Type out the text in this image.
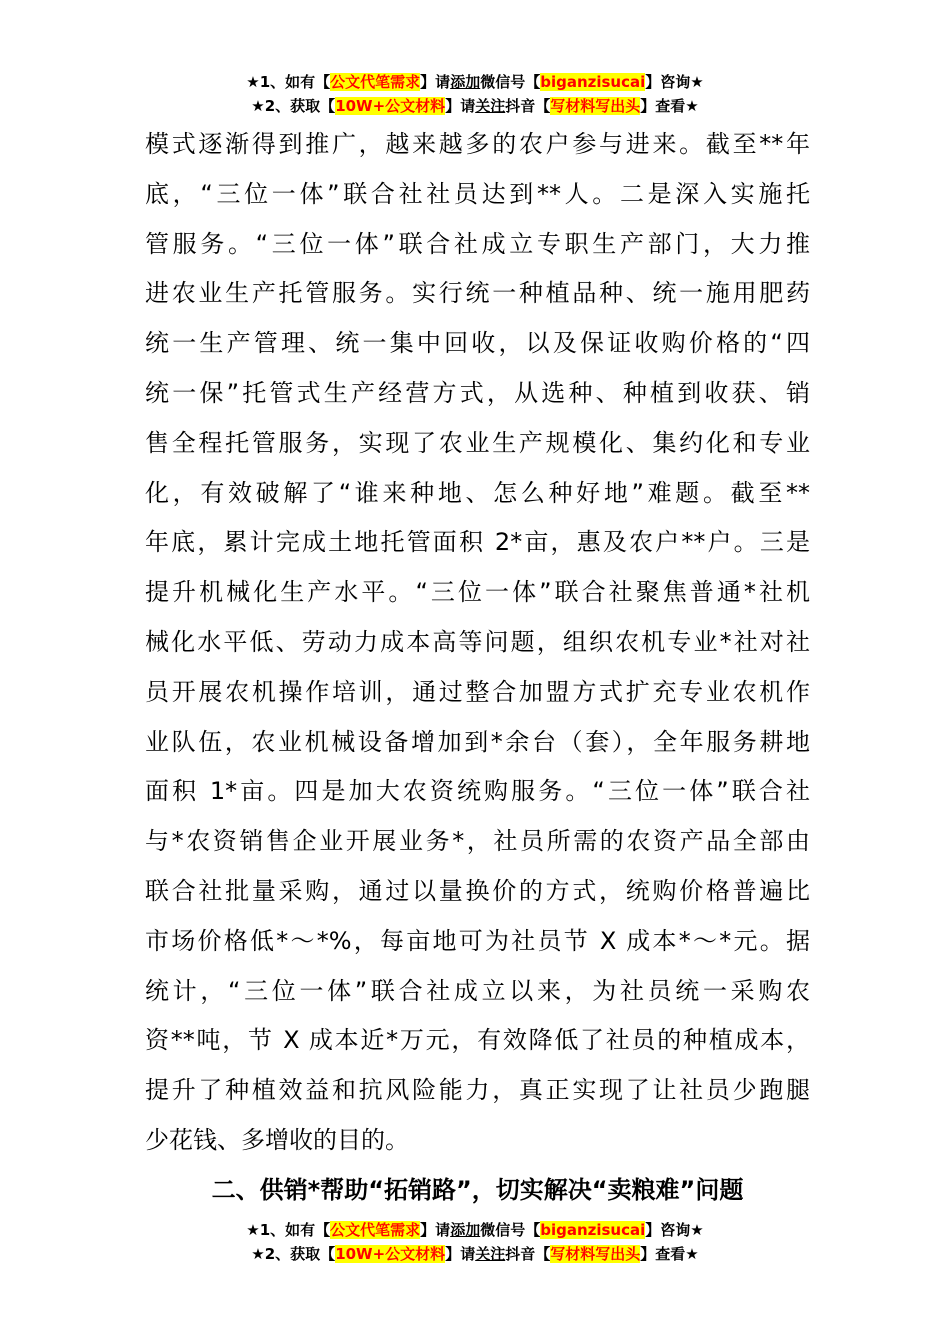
★1、如有【公文代笔需求】请添加微信号【biganzisucai】咨询★
★2、获取【10W+公文材料】请关注抖音【写材料写出头】查看★
模式逐渐得到推广，越来越多的农户参与进来。截至**年
底，“三位一体”联合社社员达到**人。二是深入实施托
管服务。“三位一体”联合社成立专职生产部门，大力推
进农业生产托管服务。实行统一种植品种、统一施用肥药
统一生产管理、统一集中回收，以及保证收购价格的“四
统一保”托管式生产经营方式，从选种、种植到收获、销
售全程托管服务，实现了农业生产规模化、集约化和专业
化，有效破解了“谁来种地、怎么种好地”难题。截至**
年底，累计完成土地托管面积 2*亩，惠及农户**户。三是
提升机械化生产水平。“三位一体”联合社聚焦普通*社机
械化水平低、劳动力成本高等问题，组织农机专业*社对社
员开展农机操作培训，通过整合加盟方式扩充专业农机作
业队伍，农业机械设备增加到*余台（套），全年服务耕地
面积 1*亩。四是加大农资统购服务。“三位一体”联合社
与*农资销售企业开展业务*，社员所需的农资产品全部由
联合社批量采购，通过以量换价的方式，统购价格普遍比
市场价格低*～*%，每亩地可为社员节 X 成本*～*元。据
统计，“三位一体”联合社成立以来，为社员统一采购农
资**吨，节 X 成本近*万元，有效降低了社员的种植成本，
提升了种植效益和抗风险能力，真正实现了让社员少跑腿
少花钱、多增收的目的。
二、供销*帮助“拓销路”，切实解决“卖粮难”问题
★1、如有【公文代笔需求】请添加微信号【biganzisucai】咨询★
★2、获取【10W+公文材料】请关注抖音【写材料写出头】查看★
